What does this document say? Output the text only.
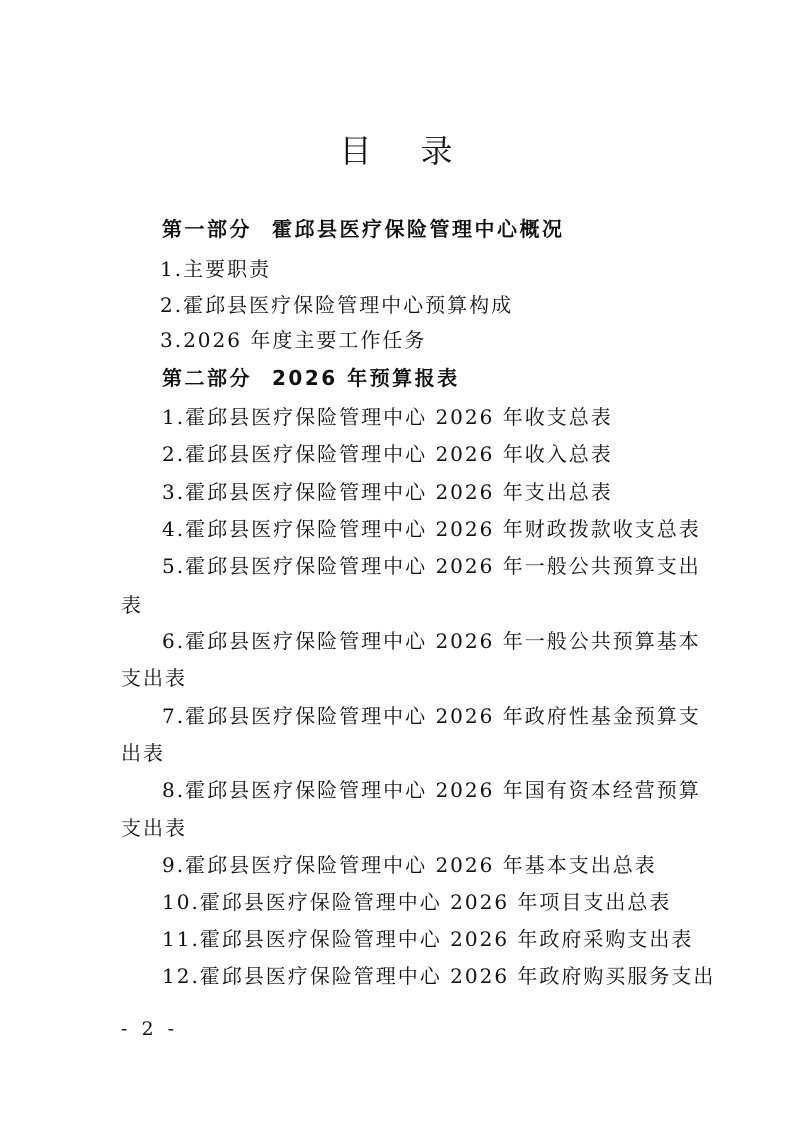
目 录
第一部分 霍邱县医疗保险管理中心概况
1.主要职责
2.霍邱县医疗保险管理中心预算构成
3.2026 年度主要工作任务
第二部分 2026 年预算报表
1.霍邱县医疗保险管理中心 2026 年收支总表
2.霍邱县医疗保险管理中心 2026 年收入总表
3.霍邱县医疗保险管理中心 2026 年支出总表
4.霍邱县医疗保险管理中心 2026 年财政拨款收支总表
5.霍邱县医疗保险管理中心 2026 年一般公共预算支出
表
6.霍邱县医疗保险管理中心 2026 年一般公共预算基本
支出表
7.霍邱县医疗保险管理中心 2026 年政府性基金预算支
出表
8.霍邱县医疗保险管理中心 2026 年国有资本经营预算
支出表
9.霍邱县医疗保险管理中心 2026 年基本支出总表
10.霍邱县医疗保险管理中心 2026 年项目支出总表
11.霍邱县医疗保险管理中心 2026 年政府采购支出表
12.霍邱县医疗保险管理中心 2026 年政府购买服务支出
- 2 -
